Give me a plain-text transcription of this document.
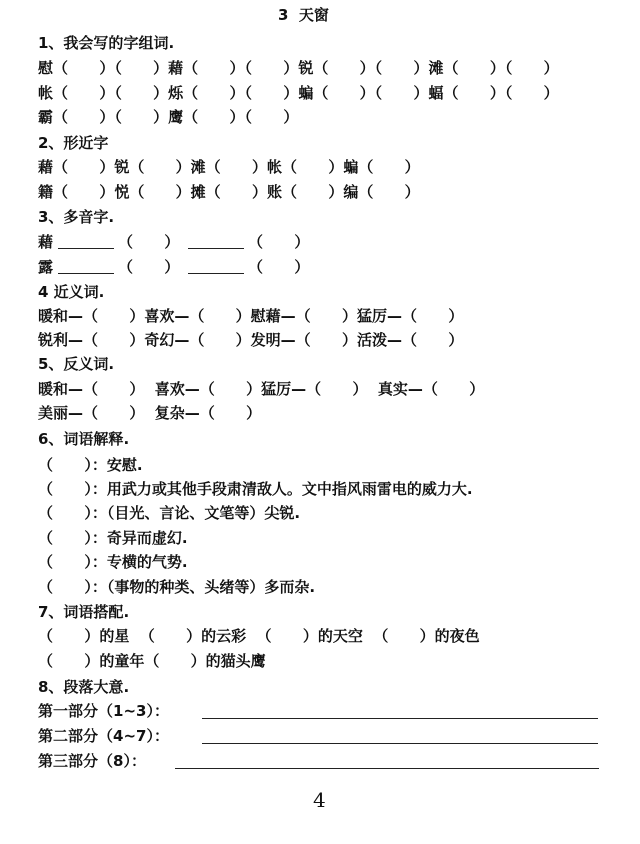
3  天窗
1、我会写的字组词.
慰（      ）（      ）藉（      ）（      ）锐（      ）（      ）滩（      ）（      ）
帐（      ）（      ）烁（      ）（      ）蝙（      ）（      ）蝠（      ）（      ）
霸（      ）（      ）鹰（      ）（      ）
2、形近字
藉（      ）锐（      ）滩（      ）帐（      ）蝙（      ）
籍（      ）悦（      ）摊（      ）账（      ）编（      ）
3、多音字.
藉	（      ）	（      ）
露	（      ）	（      ）
4 近义词.
暖和—（      ）喜欢—（      ）慰藉—（      ）猛厉—（      ）
锐利—（      ）奇幻—（      ）发明—（      ）活泼—（      ）
5、反义词.
暖和—（      ）  喜欢—（      ）猛厉—（      ）  真实—（      ）
美丽—（      ）  复杂—（      ）
6、词语解释.
（      ）：安慰.
（      ）：用武力或其他手段肃清敌人。文中指风雨雷电的威力大.
（      ）：（目光、言论、文笔等）尖锐.
（      ）：奇异而虚幻.
（      ）：专横的气势.
（      ）：（事物的种类、头绪等）多而杂.
7、词语搭配.
（      ）的星  （      ）的云彩  （      ）的天空  （      ）的夜色
（      ）的童年（      ）的猫头鹰
8、段落大意.
第一部分（1~3）：
第二部分（4~7）：
第三部分（8）：
4
